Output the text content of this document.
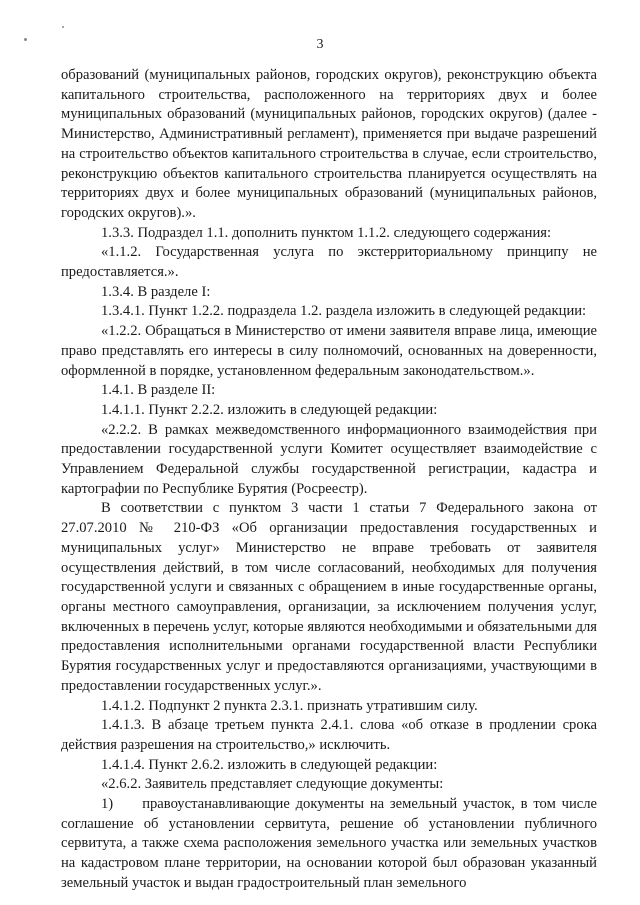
3

образований (муниципальных районов, городских округов), реконструкцию объекта капитального строительства, расположенного на территориях двух и более муниципальных образований (муниципальных районов, городских округов) (далее - Министерство, Административный регламент), применяется при выдаче разрешений на строительство объектов капитального строительства в случае, если строительство, реконструкцию объектов капитального строительства планируется осуществлять на территориях двух и более муниципальных образований (муниципальных районов, городских округов).».

1.3.3. Подраздел 1.1. дополнить пунктом 1.1.2. следующего содержания:

«1.1.2. Государственная услуга по экстерриториальному принципу не предоставляется.».

1.3.4. В разделе I:

1.3.4.1. Пункт 1.2.2. подраздела 1.2. раздела изложить в следующей редакции:

«1.2.2. Обращаться в Министерство от имени заявителя вправе лица, имеющие право представлять его интересы в силу полномочий, основанных на доверенности, оформленной в порядке, установленном федеральным законодательством.».

1.4.1. В разделе II:

1.4.1.1. Пункт 2.2.2. изложить в следующей редакции:

«2.2.2. В рамках межведомственного информационного взаимодействия при предоставлении государственной услуги Комитет осуществляет взаимодействие с Управлением Федеральной службы государственной регистрации, кадастра и картографии по Республике Бурятия (Росреестр).

В соответствии с пунктом 3 части 1 статьи 7 Федерального закона от 27.07.2010 № 210-ФЗ «Об организации предоставления государственных и муниципальных услуг» Министерство не вправе требовать от заявителя осуществления действий, в том числе согласований, необходимых для получения государственной услуги и связанных с обращением в иные государственные органы, органы местного самоуправления, организации, за исключением получения услуг, включенных в перечень услуг, которые являются необходимыми и обязательными для предоставления исполнительными органами государственной власти Республики Бурятия государственных услуг и предоставляются организациями, участвующими в предоставлении государственных услуг.».

1.4.1.2. Подпункт 2 пункта 2.3.1. признать утратившим силу.

1.4.1.3. В абзаце третьем пункта 2.4.1. слова «об отказе в продлении срока действия разрешения на строительство,» исключить.

1.4.1.4. Пункт 2.6.2. изложить в следующей редакции:

«2.6.2. Заявитель представляет следующие документы:

1)     правоустанавливающие документы на земельный участок, в том числе соглашение об установлении сервитута, решение об установлении публичного сервитута, а также схема расположения земельного участка или земельных участков на кадастровом плане территории, на основании которой был образован указанный земельный участок и выдан градостроительный план земельного
